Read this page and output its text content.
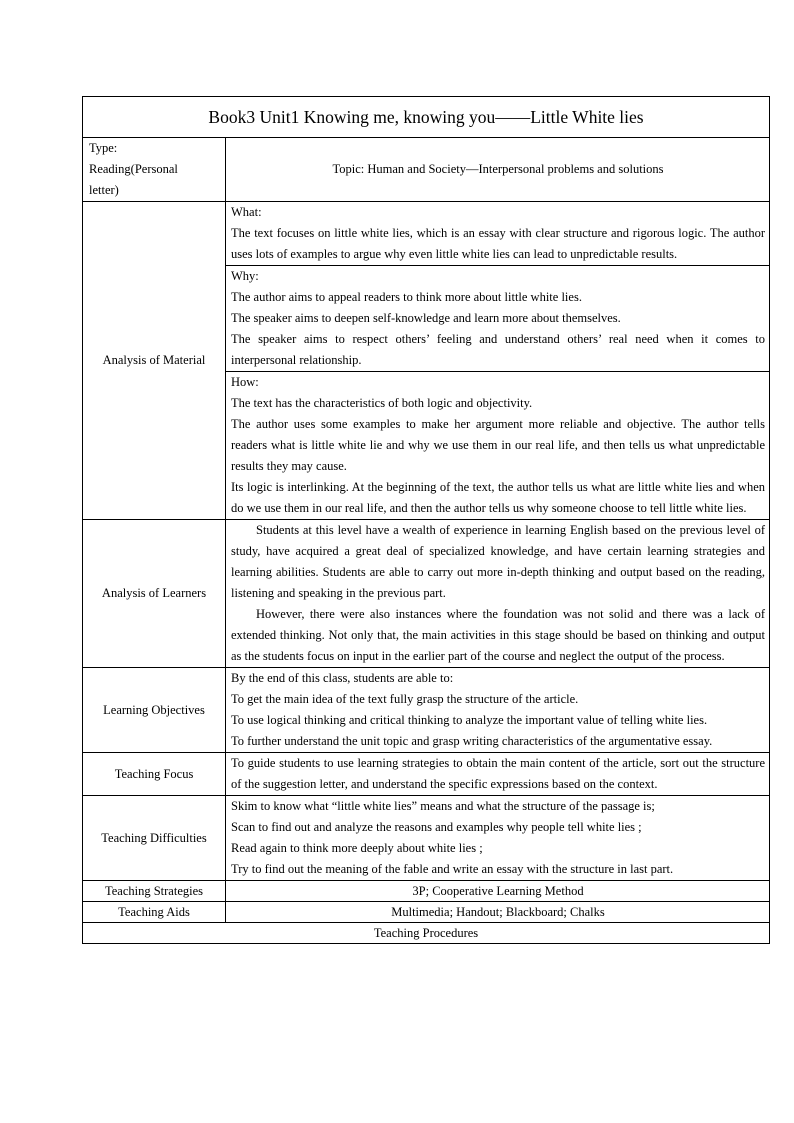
Book3 Unit1 Knowing me, knowing you——Little White lies	

Type:

Reading(Personal

letter)	Topic: Human and Society—Interpersonal problems and solutions
Analysis of Material	What:

The text focuses on little white lies, which is an essay with clear structure and rigorous logic. The author uses lots of examples to argue why even little white lies can lead to unpredictable results.

	Why:

The author aims to appeal readers to think more about little white lies.

The speaker aims to deepen self-knowledge and learn more about themselves.

The speaker aims to respect others’ feeling and understand others’ real need when it comes to interpersonal relationship.

	How:

The text has the characteristics of both logic and objectivity.

The author uses some examples to make her argument more reliable and objective. The author tells readers what is little white lie and why we use them in our real life, and then tells us what unpredictable results they may cause.

Its logic is interlinking. At the beginning of the text, the author tells us what are little white lies and when do we use them in our real life, and then the author tells us why someone choose to tell little white lies.

Analysis of Learners	Students at this level have a wealth of experience in learning English based on the previous level of study, have acquired a great deal of specialized knowledge, and have certain learning strategies and learning abilities. Students are able to carry out more in-depth thinking and output based on the reading, listening and speaking in the previous part.

However, there were also instances where the foundation was not solid and there was a lack of extended thinking. Not only that, the main activities in this stage should be based on thinking and output as the students focus on input in the earlier part of the course and neglect the output of the process.

Learning Objectives	By the end of this class, students are able to:

To get the main idea of the text fully grasp the structure of the article.

To use logical thinking and critical thinking to analyze the important value of telling white lies.

To further understand the unit topic and grasp writing characteristics of the argumentative essay.

Teaching Focus	To guide students to use learning strategies to obtain the main content of the article, sort out the structure of the suggestion letter, and understand the specific expressions based on the context.
Teaching Difficulties	Skim to know what “little white lies” means and what the structure of the passage is;

Scan to find out and analyze the reasons and examples why people tell white lies ;

Read again to think more deeply about white lies ;

Try to find out the meaning of the fable and write an essay with the structure in last part.

Teaching Strategies	3P; Cooperative Learning Method
Teaching Aids	Multimedia; Handout; Blackboard; Chalks
Teaching Procedures	
